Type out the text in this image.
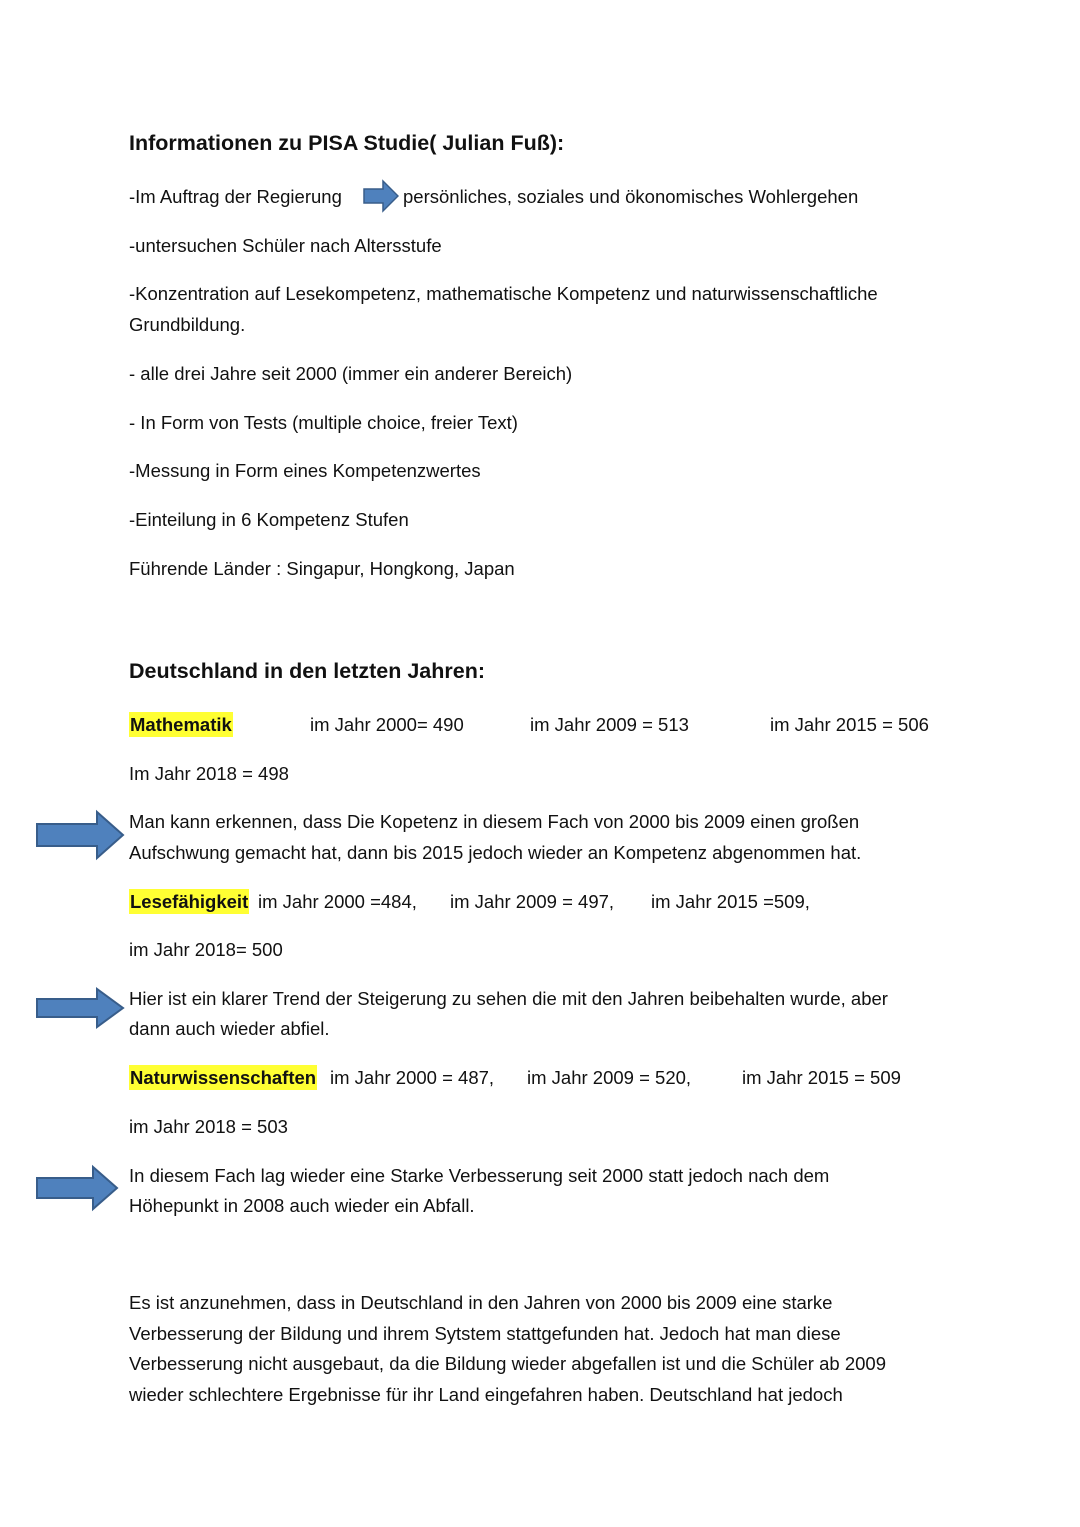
Informationen zu PISA Studie( Julian Fuß):
-Im Auftrag der Regierung	persönliches, soziales und ökonomisches Wohlergehen
-untersuchen Schüler nach Altersstufe
-Konzentration auf Lesekompetenz, mathematische Kompetenz und naturwissenschaftliche
Grundbildung.
- alle drei Jahre seit 2000 (immer ein anderer Bereich)
- In Form von Tests (multiple choice, freier Text)
-Messung in Form eines Kompetenzwertes
-Einteilung in 6 Kompetenz Stufen
Führende Länder : Singapur, Hongkong, Japan
Deutschland in den letzten Jahren:
Mathematik	im Jahr 2000= 490	im Jahr 2009 = 513	im Jahr 2015 = 506
Im Jahr 2018 = 498
Man kann erkennen, dass Die Kopetenz in diesem Fach von 2000 bis 2009 einen großen
Aufschwung gemacht hat, dann bis 2015 jedoch wieder an Kompetenz abgenommen hat.
Lesefähigkeit im Jahr 2000 =484, im Jahr 2009 = 497, im Jahr 2015 =509,
im Jahr 2018= 500
Hier ist ein klarer Trend der Steigerung zu sehen die mit den Jahren beibehalten wurde, aber
dann auch wieder abfiel.
Naturwissenschaften im Jahr 2000 = 487, im Jahr 2009 = 520,	im Jahr 2015 = 509
im Jahr 2018 = 503
In diesem Fach lag wieder eine Starke Verbesserung seit 2000 statt jedoch nach dem
Höhepunkt in 2008 auch wieder ein Abfall.
Es ist anzunehmen, dass in Deutschland in den Jahren von 2000 bis 2009 eine starke
Verbesserung der Bildung und ihrem Sytstem stattgefunden hat. Jedoch hat man diese
Verbesserung nicht ausgebaut, da die Bildung wieder abgefallen ist und die Schüler ab 2009
wieder schlechtere Ergebnisse für ihr Land eingefahren haben. Deutschland hat jedoch
